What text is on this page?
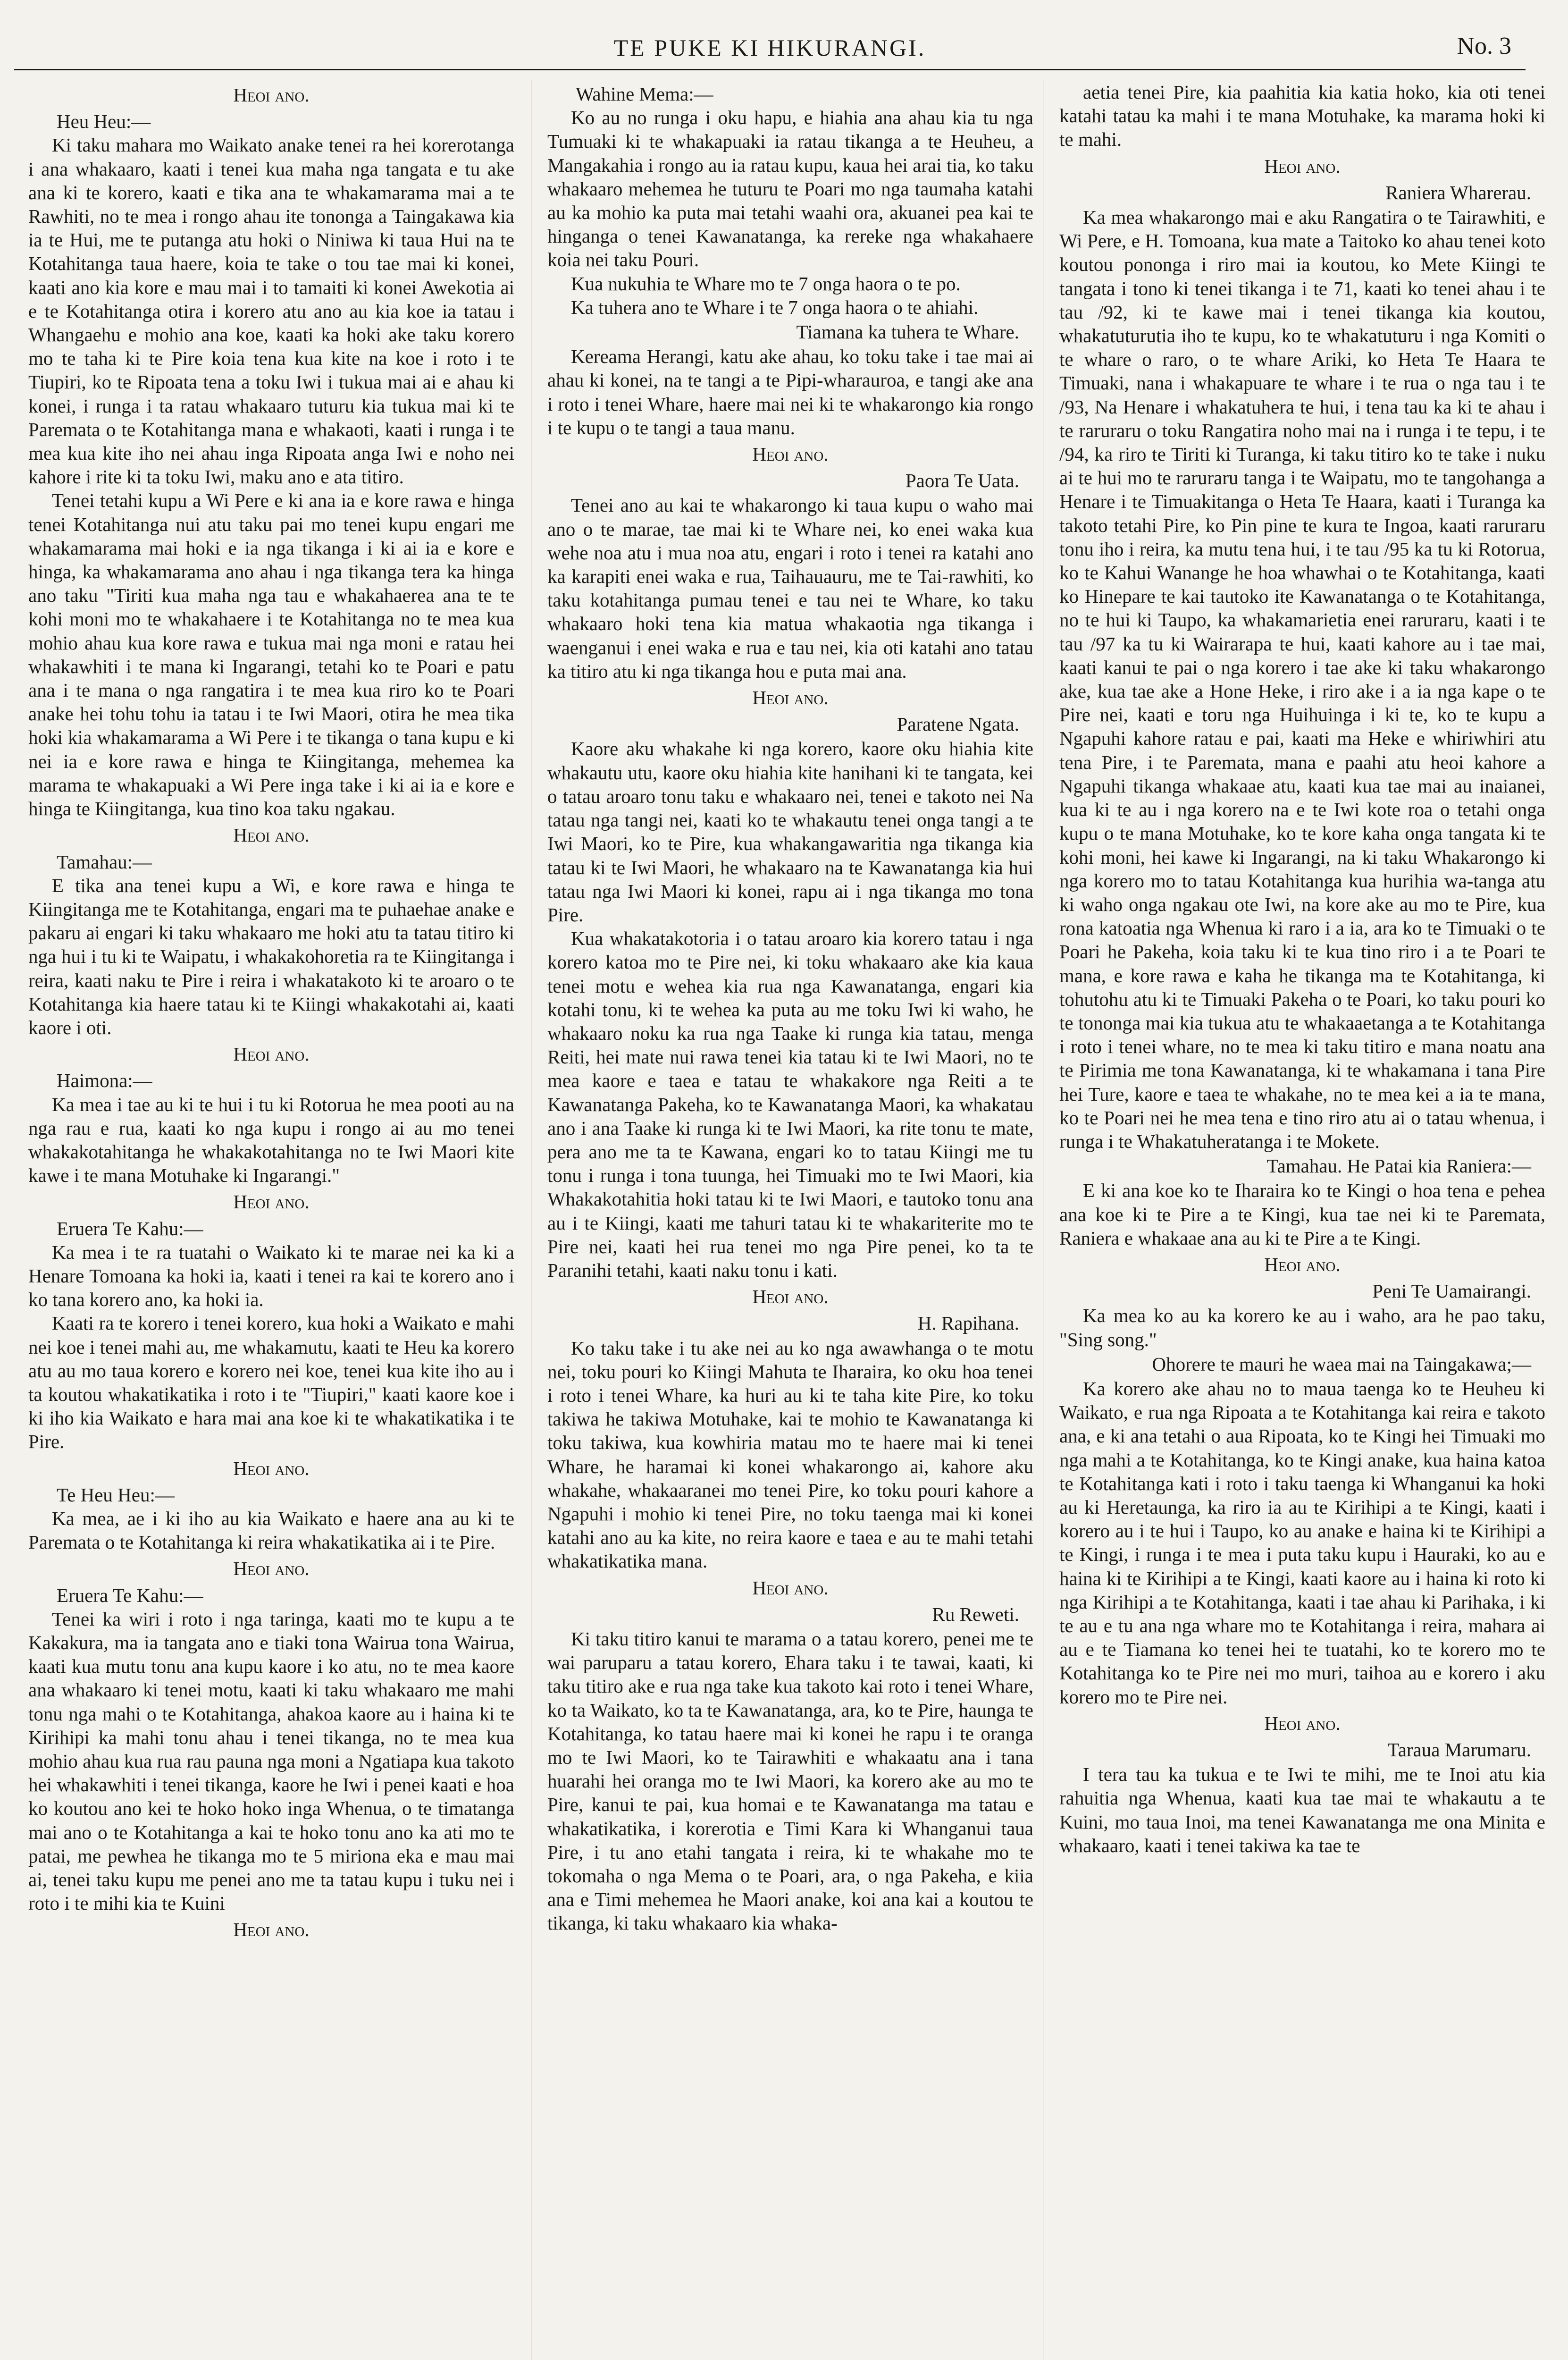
TE PUKE KI HIKURANGI.	No. 3

Heoi ano.

Heu Heu:—

Ki taku mahara mo Waikato anake tenei ra hei korerotanga i ana whakaaro, kaati i tenei kua maha nga tangata e tu ake ana ki te korero, kaati e tika ana te whakamarama mai a te Rawhiti, no te mea i rongo ahau ite tononga a Taingakawa kia ia te Hui, me te putanga atu hoki o Niniwa ki taua Hui na te Kotahitanga taua haere, koia te take o tou tae mai ki konei, kaati ano kia kore e mau mai i to tamaiti ki konei Awekotia ai e te Kotahitanga otira i korero atu ano au kia koe ia tatau i Whangaehu e mohio ana koe, kaati ka hoki ake taku korero mo te taha ki te Pire koia tena kua kite na koe i roto i te Tiupiri, ko te Ripoata tena a toku Iwi i tukua mai ai e ahau ki konei, i runga i ta ratau whakaaro tuturu kia tukua mai ki te Paremata o te Kotahitanga mana e whakaoti, kaati i runga i te mea kua kite iho nei ahau inga Ripoata anga Iwi e noho nei kahore i rite ki ta toku Iwi, maku ano e ata titiro.

Tenei tetahi kupu a Wi Pere e ki ana ia e kore rawa e hinga tenei Kotahitanga nui atu taku pai mo tenei kupu engari me whakamarama mai hoki e ia nga tikanga i ki ai ia e kore e hinga, ka whakamarama ano ahau i nga tikanga tera ka hinga ano taku "Tiriti kua maha nga tau e whakahaerea ana te te kohi moni mo te whakahaere i te Kotahitanga no te mea kua mohio ahau kua kore rawa e tukua mai nga moni e ratau hei whakawhiti i te mana ki Ingarangi, tetahi ko te Poari e patu ana i te mana o nga rangatira i te mea kua riro ko te Poari anake hei tohu tohu ia tatau i te Iwi Maori, otira he mea tika hoki kia whakamarama a Wi Pere i te tikanga o tana kupu e ki nei ia e kore rawa e hinga te Kiingitanga, mehemea ka marama te whakapuaki a Wi Pere inga take i ki ai ia e kore e hinga te Kiingitanga, kua tino koa taku ngakau.

Heoi ano.

Tamahau:—

E tika ana tenei kupu a Wi, e kore rawa e hinga te Kiingitanga me te Kotahitanga, engari ma te puhaehae anake e pakaru ai engari ki taku whakaaro me hoki atu ta tatau titiro ki nga hui i tu ki te Waipatu, i whakakohoretia ra te Kiingitanga i reira, kaati naku te Pire i reira i whakatakoto ki te aroaro o te Kotahitanga kia haere tatau ki te Kiingi whakakotahi ai, kaati kaore i oti.

Heoi ano.

Haimona:—

Ka mea i tae au ki te hui i tu ki Rotorua he mea pooti au na nga rau e rua, kaati ko nga kupu i rongo ai au mo tenei whakakotahitanga he whakakotahitanga no te Iwi Maori kite kawe i te mana Motuhake ki Ingarangi."

Heoi ano.

Eruera Te Kahu:—

Ka mea i te ra tuatahi o Waikato ki te marae nei ka ki a Henare Tomoana ka hoki ia, kaati i tenei ra kai te korero ano i ko tana korero ano, ka hoki ia.

Kaati ra te korero i tenei korero, kua hoki a Waikato e mahi nei koe i tenei mahi au, me whakamutu, kaati te Heu ka korero atu au mo taua korero e korero nei koe, tenei kua kite iho au i ta koutou whakatikatika i roto i te "Tiupiri," kaati kaore koe i ki iho kia Waikato e hara mai ana koe ki te whakatikatika i te Pire.

Heoi ano.

Te Heu Heu:—

Ka mea, ae i ki iho au kia Waikato e haere ana au ki te Paremata o te Kotahitanga ki reira whakatikatika ai i te Pire.

Heoi ano.

Eruera Te Kahu:—

Tenei ka wiri i roto i nga taringa, kaati mo te kupu a te Kakakura, ma ia tangata ano e tiaki tona Wairua tona Wairua, kaati kua mutu tonu ana kupu kaore i ko atu, no te mea kaore ana whakaaro ki tenei motu, kaati ki taku whakaaro me mahi tonu nga mahi o te Kotahitanga, ahakoa kaore au i haina ki te Kirihipi ka mahi tonu ahau i tenei tikanga, no te mea kua mohio ahau kua rua rau pauna nga moni a Ngatiapa kua takoto hei whakawhiti i tenei tikanga, kaore he Iwi i penei kaati e hoa ko koutou ano kei te hoko hoko inga Whenua, o te timatanga mai ano o te Kotahitanga a kai te hoko tonu ano ka ati mo te patai, me pewhea he tikanga mo te 5 miriona eka e mau mai ai, tenei taku kupu me penei ano me ta tatau kupu i tuku nei i roto i te mihi kia te Kuini

Heoi ano.

Wahine Mema:—

Ko au no runga i oku hapu, e hiahia ana ahau kia tu nga Tumuaki ki te whakapuaki ia ratau tikanga a te Heuheu, a Mangakahia i rongo au ia ratau kupu, kaua hei arai tia, ko taku whakaaro mehemea he tuturu te Poari mo nga taumaha katahi au ka mohio ka puta mai tetahi waahi ora, akuanei pea kai te hinganga o tenei Kawanatanga, ka rereke nga whakahaere koia nei taku Pouri.

Kua nukuhia te Whare mo te 7 onga haora o te po.

Ka tuhera ano te Whare i te 7 onga haora o te ahiahi.

Tiamana ka tuhera te Whare.

Kereama Herangi, katu ake ahau, ko toku take i tae mai ai ahau ki konei, na te tangi a te Pipi-wharauroa, e tangi ake ana i roto i tenei Whare, haere mai nei ki te whakarongo kia rongo i te kupu o te tangi a taua manu.

Heoi ano.

Paora Te Uata.

Tenei ano au kai te whakarongo ki taua kupu o waho mai ano o te marae, tae mai ki te Whare nei, ko enei waka kua wehe noa atu i mua noa atu, engari i roto i tenei ra katahi ano ka karapiti enei waka e rua, Taihauauru, me te Tai-rawhiti, ko taku kotahitanga pumau tenei e tau nei te Whare, ko taku whakaaro hoki tena kia matua whakaotia nga tikanga i waenganui i enei waka e rua e tau nei, kia oti katahi ano tatau ka titiro atu ki nga tikanga hou e puta mai ana.

Heoi ano.

Paratene Ngata.

Kaore aku whakahe ki nga korero, kaore oku hiahia kite whakautu utu, kaore oku hiahia kite hanihani ki te tangata, kei o tatau aroaro tonu taku e whakaaro nei, tenei e takoto nei Na tatau nga tangi nei, kaati ko te whakautu tenei onga tangi a te Iwi Maori, ko te Pire, kua whakangawaritia nga tikanga kia tatau ki te Iwi Maori, he whakaaro na te Kawanatanga kia hui tatau nga Iwi Maori ki konei, rapu ai i nga tikanga mo tona Pire.

Kua whakatakotoria i o tatau aroaro kia korero tatau i nga korero katoa mo te Pire nei, ki toku whakaaro ake kia kaua tenei motu e wehea kia rua nga Kawanatanga, engari kia kotahi tonu, ki te wehea ka puta au me toku Iwi ki waho, he whakaaro noku ka rua nga Taake ki runga kia tatau, menga Reiti, hei mate nui rawa tenei kia tatau ki te Iwi Maori, no te mea kaore e taea e tatau te whakakore nga Reiti a te Kawanatanga Pakeha, ko te Kawanatanga Maori, ka whakatau ano i ana Taake ki runga ki te Iwi Maori, ka rite tonu te mate, pera ano me ta te Kawana, engari ko to tatau Kiingi me tu tonu i runga i tona tuunga, hei Timuaki mo te Iwi Maori, kia Whakakotahitia hoki tatau ki te Iwi Maori, e tautoko tonu ana au i te Kiingi, kaati me tahuri tatau ki te whakariterite mo te Pire nei, kaati hei rua tenei mo nga Pire penei, ko ta te Paranihi tetahi, kaati naku tonu i kati.

Heoi ano.

H. Rapihana.

Ko taku take i tu ake nei au ko nga awawhanga o te motu nei, toku pouri ko Kiingi Mahuta te Iharaira, ko oku hoa tenei i roto i tenei Whare, ka huri au ki te taha kite Pire, ko toku takiwa he takiwa Motuhake, kai te mohio te Kawanatanga ki toku takiwa, kua kowhiria matau mo te haere mai ki tenei Whare, he haramai ki konei whakarongo ai, kahore aku whakahe, whakaaranei mo tenei Pire, ko toku pouri kahore a Ngapuhi i mohio ki tenei Pire, no toku taenga mai ki konei katahi ano au ka kite, no reira kaore e taea e au te mahi tetahi whakatikatika mana.

Heoi ano.

Ru Reweti.

Ki taku titiro kanui te marama o a tatau korero, penei me te wai paruparu a tatau korero, Ehara taku i te tawai, kaati, ki taku titiro ake e rua nga take kua takoto kai roto i tenei Whare, ko ta Waikato, ko ta te Kawanatanga, ara, ko te Pire, haunga te Kotahitanga, ko tatau haere mai ki konei he rapu i te oranga mo te Iwi Maori, ko te Tairawhiti e whakaatu ana i tana huarahi hei oranga mo te Iwi Maori, ka korero ake au mo te Pire, kanui te pai, kua homai e te Kawanatanga ma tatau e whakatikatika, i korerotia e Timi Kara ki Whanganui taua Pire, i tu ano etahi tangata i reira, ki te whakahe mo te tokomaha o nga Mema o te Poari, ara, o nga Pakeha, e kiia ana e Timi mehemea he Maori anake, koi ana kai a koutou te tikanga, ki taku whakaaro kia whaka-

aetia tenei Pire, kia paahitia kia katia hoko, kia oti tenei katahi tatau ka mahi i te mana Motuhake, ka marama hoki ki te mahi.

Heoi ano.

Raniera Wharerau.

Ka mea whakarongo mai e aku Rangatira o te Tairawhiti, e Wi Pere, e H. Tomoana, kua mate a Taitoko ko ahau tenei koto koutou pononga i riro mai ia koutou, ko Mete Kiingi te tangata i tono ki tenei tikanga i te 71, kaati ko tenei ahau i te tau /92, ki te kawe mai i tenei tikanga kia koutou, whakatuturutia iho te kupu, ko te whakatuturu i nga Komiti o te whare o raro, o te whare Ariki, ko Heta Te Haara te Timuaki, nana i whakapuare te whare i te rua o nga tau i te /93, Na Henare i whakatuhera te hui, i tena tau ka ki te ahau i te raruraru o toku Rangatira noho mai na i runga i te tepu, i te /94, ka riro te Tiriti ki Turanga, ki taku titiro ko te take i nuku ai te hui mo te raruraru tanga i te Waipatu, mo te tangohanga a Henare i te Timuakitanga o Heta Te Haara, kaati i Turanga ka takoto tetahi Pire, ko Pin pine te kura te Ingoa, kaati raruraru tonu iho i reira, ka mutu tena hui, i te tau /95 ka tu ki Rotorua, ko te Kahui Wanange he hoa whawhai o te Kotahitanga, kaati ko Hinepare te kai tautoko ite Kawanatanga o te Kotahitanga, no te hui ki Taupo, ka whakamarietia enei raruraru, kaati i te tau /97 ka tu ki Wairarapa te hui, kaati kahore au i tae mai, kaati kanui te pai o nga korero i tae ake ki taku whakarongo ake, kua tae ake a Hone Heke, i riro ake i a ia nga kape o te Pire nei, kaati e toru nga Huihuinga i ki te, ko te kupu a Ngapuhi kahore ratau e pai, kaati ma Heke e whiriwhiri atu tena Pire, i te Paremata, mana e paahi atu heoi kahore a Ngapuhi tikanga whakaae atu, kaati kua tae mai au inaianei, kua ki te au i nga korero na e te Iwi kote roa o tetahi onga kupu o te mana Motuhake, ko te kore kaha onga tangata ki te kohi moni, hei kawe ki Ingarangi, na ki taku Whakarongo ki nga korero mo to tatau Kotahitanga kua hurihia wa-tanga atu ki waho onga ngakau ote Iwi, na kore ake au mo te Pire, kua rona katoatia nga Whenua ki raro i a ia, ara ko te Timuaki o te Poari he Pakeha, koia taku ki te kua tino riro i a te Poari te mana, e kore rawa e kaha he tikanga ma te Kotahitanga, ki tohutohu atu ki te Timuaki Pakeha o te Poari, ko taku pouri ko te tononga mai kia tukua atu te whakaaetanga a te Kotahitanga i roto i tenei whare, no te mea ki taku titiro e mana noatu ana te Pirimia me tona Kawanatanga, ki te whakamana i tana Pire hei Ture, kaore e taea te whakahe, no te mea kei a ia te mana, ko te Poari nei he mea tena e tino riro atu ai o tatau whenua, i runga i te Whakatuheratanga i te Mokete.

Tamahau. He Patai kia Raniera:—

E ki ana koe ko te Iharaira ko te Kingi o hoa tena e pehea ana koe ki te Pire a te Kingi, kua tae nei ki te Paremata, Raniera e whakaae ana au ki te Pire a te Kingi.

Heoi ano.

Peni Te Uamairangi.

Ka mea ko au ka korero ke au i waho, ara he pao taku, "Sing song."

Ohorere te mauri he waea mai na Taingakawa;—

Ka korero ake ahau no to maua taenga ko te Heuheu ki Waikato, e rua nga Ripoata a te Kotahitanga kai reira e takoto ana, e ki ana tetahi o aua Ripoata, ko te Kingi hei Timuaki mo nga mahi a te Kotahitanga, ko te Kingi anake, kua haina katoa te Kotahitanga kati i roto i taku taenga ki Whanganui ka hoki au ki Heretaunga, ka riro ia au te Kirihipi a te Kingi, kaati i korero au i te hui i Taupo, ko au anake e haina ki te Kirihipi a te Kingi, i runga i te mea i puta taku kupu i Hauraki, ko au e haina ki te Kirihipi a te Kingi, kaati kaore au i haina ki roto ki nga Kirihipi a te Kotahitanga, kaati i tae ahau ki Parihaka, i ki te au e tu ana nga whare mo te Kotahitanga i reira, mahara ai au e te Tiamana ko tenei hei te tuatahi, ko te korero mo te Kotahitanga ko te Pire nei mo muri, taihoa au e korero i aku korero mo te Pire nei.

Heoi ano.

Taraua Marumaru.

I tera tau ka tukua e te Iwi te mihi, me te Inoi atu kia rahuitia nga Whenua, kaati kua tae mai te whakautu a te Kuini, mo taua Inoi, ma tenei Kawanatanga me ona Minita e whakaaro, kaati i tenei takiwa ka tae te
